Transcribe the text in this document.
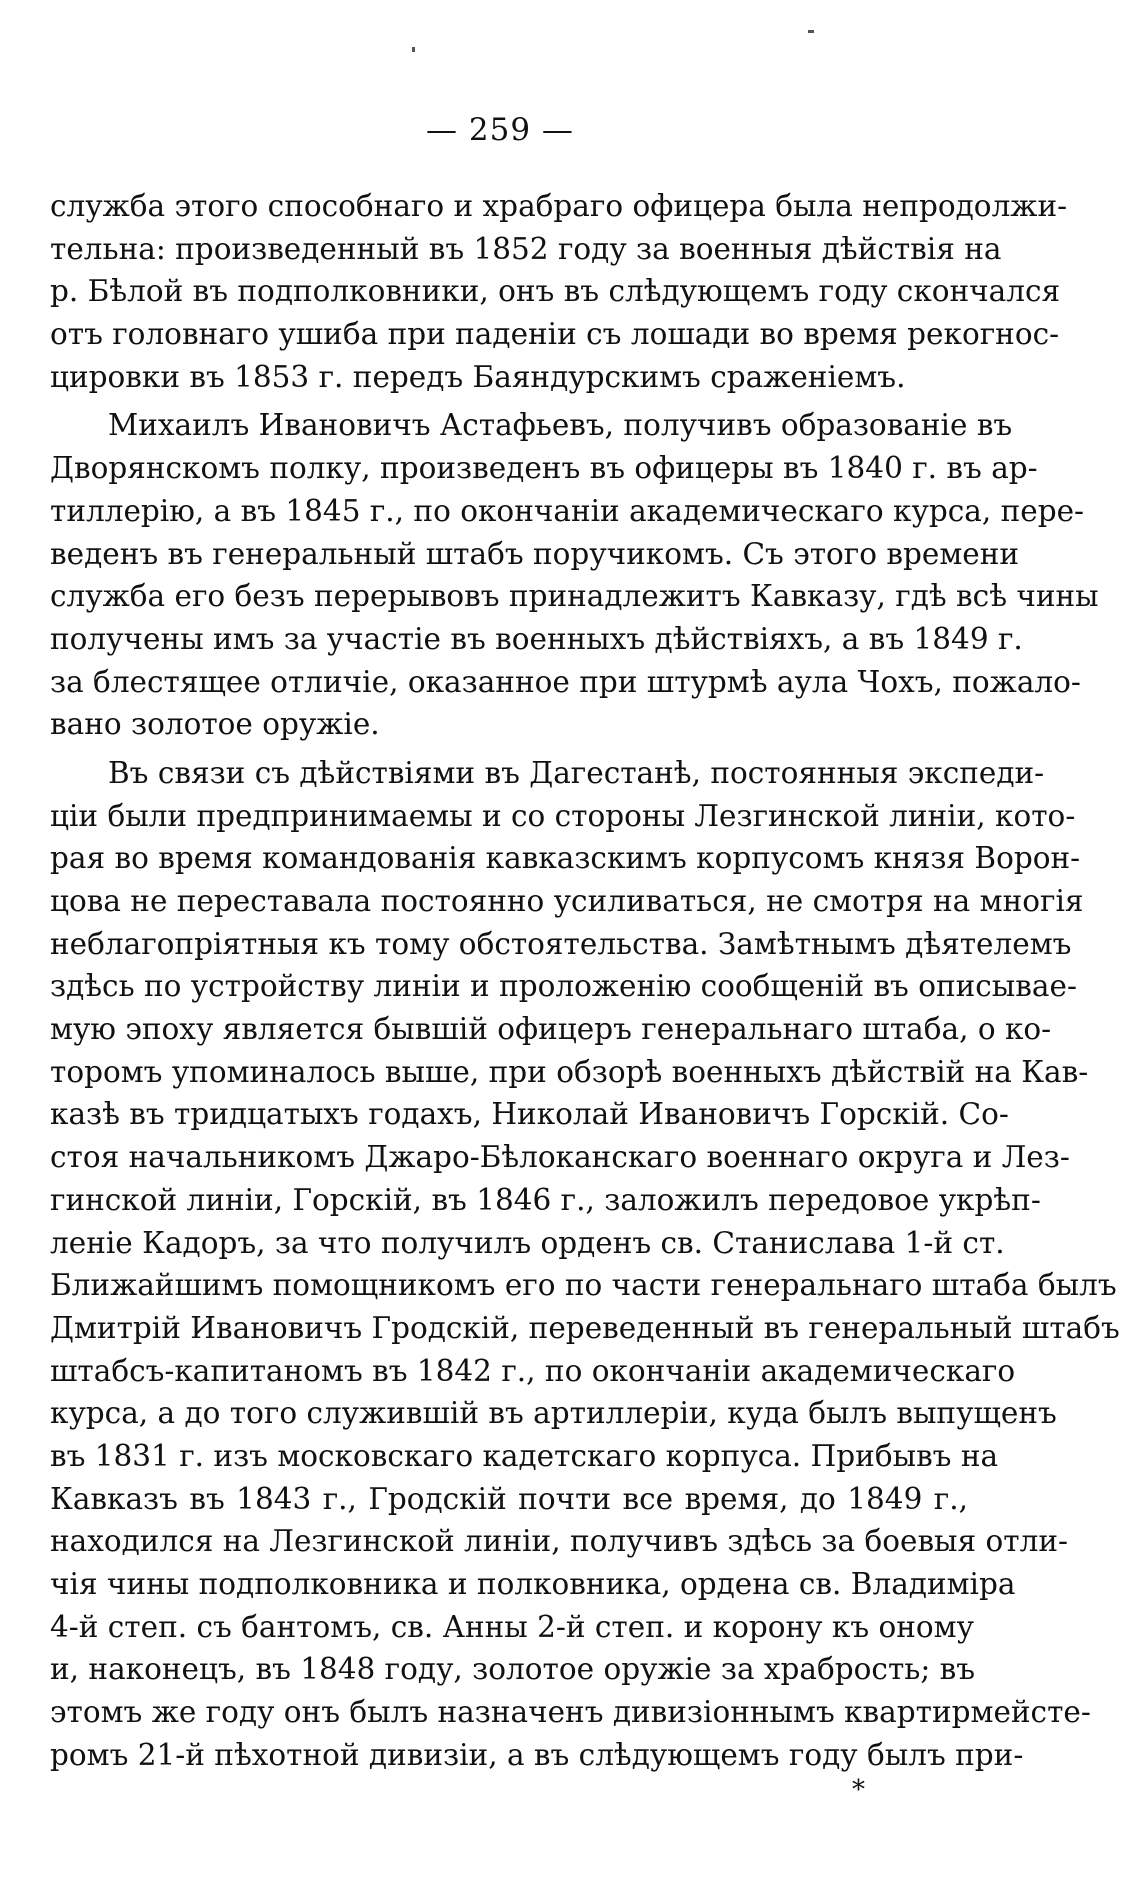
— 259 —
служба этого способнаго и храбраго офицера была непродолжи-
тельна: произведенный въ 1852 году за военныя дѣйствія на
р. Бѣлой въ подполковники, онъ въ слѣдующемъ году скончался
отъ головнаго ушиба при паденіи съ лошади во время рекогнос-
цировки въ 1853 г. передъ Баяндурскимъ сраженіемъ.
Михаилъ Ивановичъ Астафьевъ, получивъ образованіе въ
Дворянскомъ полку, произведенъ въ офицеры въ 1840 г. въ ар-
тиллерію, а въ 1845 г., по окончаніи академическаго курса, пере-
веденъ въ генеральный штабъ поручикомъ. Съ этого времени
служба его безъ перерывовъ принадлежитъ Кавказу, гдѣ всѣ чины
получены имъ за участіе въ военныхъ дѣйствіяхъ, а въ 1849 г.
за блестящее отличіе, оказанное при штурмѣ аула Чохъ, пожало-
вано золотое оружіе.
Въ связи съ дѣйствіями въ Дагестанѣ, постоянныя экспеди-
ціи были предпринимаемы и со стороны Лезгинской линіи, кото-
рая во время командованія кавказскимъ корпусомъ князя Ворон-
цова не переставала постоянно усиливаться, не смотря на многія
неблагопріятныя къ тому обстоятельства. Замѣтнымъ дѣятелемъ
здѣсь по устройству линіи и проложенію сообщеній въ описывае-
мую эпоху является бывшій офицеръ генеральнаго штаба, о ко-
торомъ упоминалось выше, при обзорѣ военныхъ дѣйствій на Кав-
казѣ въ тридцатыхъ годахъ, Николай Ивановичъ Горскій. Со-
стоя начальникомъ Джаро-Бѣлоканскаго военнаго округа и Лез-
гинской линіи, Горскій, въ 1846 г., заложилъ передовое укрѣп-
леніе Кадоръ, за что получилъ орденъ св. Станислава 1-й ст.
Ближайшимъ помощникомъ его по части генеральнаго штаба былъ
Дмитрій Ивановичъ Гродскій, переведенный въ генеральный штабъ
штабсъ-капитаномъ въ 1842 г., по окончаніи академическаго
курса, а до того служившій въ артиллеріи, куда былъ выпущенъ
въ 1831 г. изъ московскаго кадетскаго корпуса. Прибывъ на
Кавказъ въ 1843 г., Гродскій почти все время, до 1849 г.,
находился на Лезгинской линіи, получивъ здѣсь за боевыя отли-
чія чины подполковника и полковника, ордена св. Владиміра
4-й степ. съ бантомъ, св. Анны 2-й степ. и корону къ оному
и, наконецъ, въ 1848 году, золотое оружіе за храбрость; въ
этомъ же году онъ былъ назначенъ дивизіоннымъ квартирмейсте-
ромъ 21-й пѣхотной дивизіи, а въ слѣдующемъ году былъ при-
*
